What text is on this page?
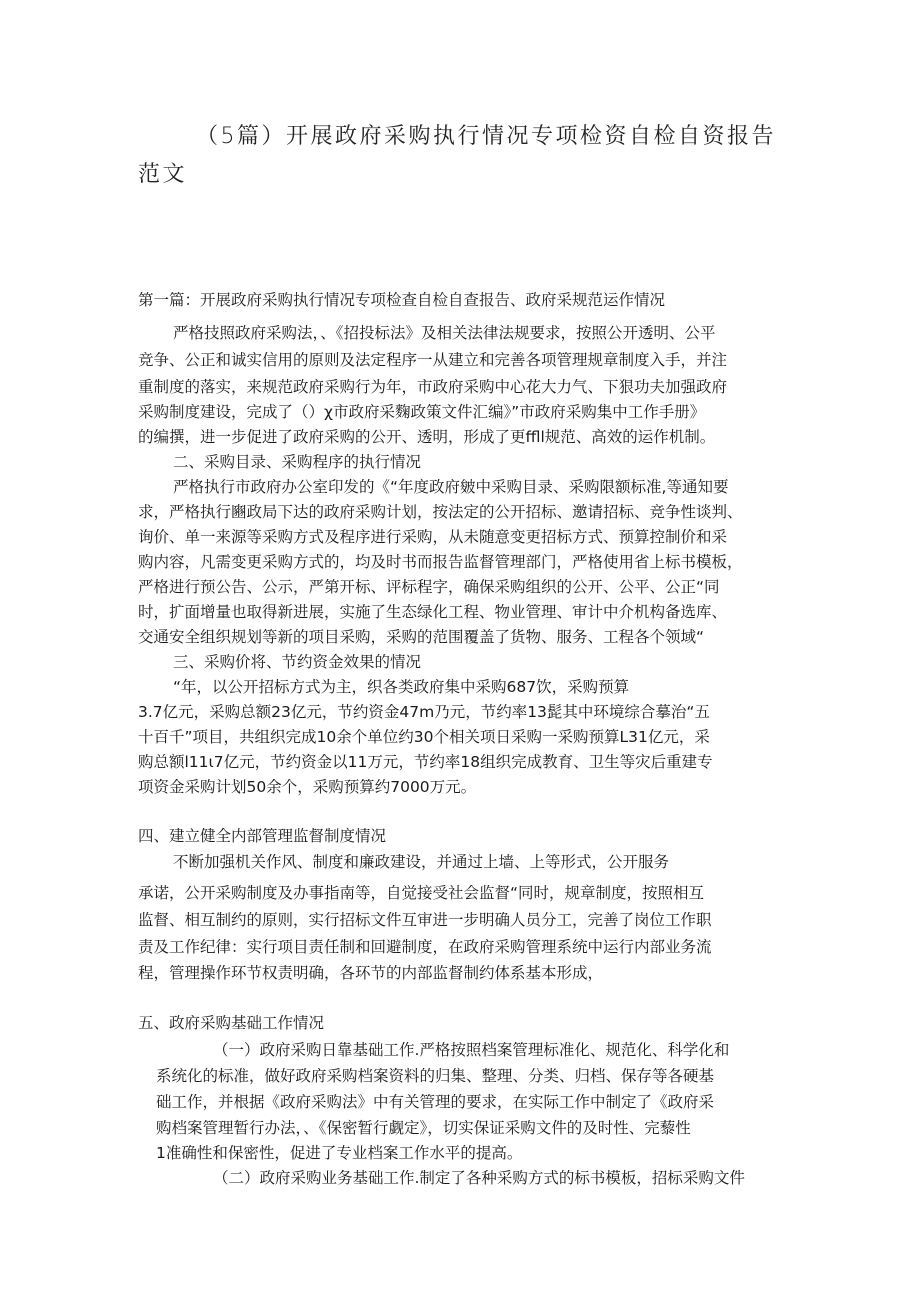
（5篇）开展政府采购执行情况专项检资自检自资报告
范文
第一篇：开展政府采购执行情况专项检查自检自查报告、政府采规范运作情况
严格技照政府采购法，、《招投标法》及相关法律法规要求，按照公开透明、公平
竞争、公正和诚实信用的原则及法定程序一从建立和完善各项管理规章制度入手，并注
重制度的落实，来规范政府采购行为年，市政府采购中心花大力气、下狠功夫加强政府
采购制度建设，完成了（）χ市政府采麴政策文件汇编》”市政府采购集中工作手册》
的编撰，进一步促进了政府采购的公开、透明，形成了更ffll规范、高效的运作机制。
二、采购目录、采购程序的执行情况
严格执行市政府办公室印发的《“年度政府皴中采购目录、采购限额标准,等通知要
求，严格执行豳政局下达的政府采购计划，按法定的公开招标、邀请招标、竞争性谈判、
询价、单一来源等采购方式及程序进行采购，从未随意变更招标方式、预算控制价和采
购内容，凡需变更采购方式的，均及时书而报告监督管理部门，严格使用省上标书模板，
严格进行预公告、公示，严第开标、评标程字，确保采购组织的公开、公平、公正“同
时，扩面增量也取得新进展，实施了生态绿化工程、物业管理、审计中介机构备选库、
交通安全组织规划等新的项目采购，采购的范围覆盖了货物、服务、工程各个领域“
三、采购价将、节约资金效果的情况
“年，以公开招标方式为主，织各类政府集中采购687饮，采购预算
3.7亿元，采购总额23亿元，节约资金47m乃元，节约率13髭其中环境综合摹治“五
十百千”项目，共组织完成10余个单位约30个相关项日采购一采购预算L31亿元，采
购总额l11ι7亿元，节约资金以11万元，节约率18组织完成教育、卫生等灾后重建专
项资金采购计划50余个，采购预算约7000万元。
四、建立健全内部管理监督制度情况
不断加强机关作风、制度和廉政建设，并通过上墙、上等形式，公开服务
承诺，公开采购制度及办事指南等，自觉接受社会监督“同时，规章制度，按照相互
监督、相互制约的原则，实行招标文件互审进一步明确人员分工，完善了岗位工作职
责及工作纪律：实行项目责任制和回避制度，在政府采购管理系统中运行内部业务流
程，管理操作环节权责明确，各环节的内部监督制约体系基本形成，
五、政府采购基础工作情况
（一）政府采购日靠基础工作.严格按照档案管理标准化、规范化、科学化和
系统化的标准，做好政府采购档案资料的归集、整理、分类、归档、保存等各硬基
础工作，并根据《政府采购法》中有关管理的要求，在实际工作中制定了《政府采
购档案管理暂行办法，、《保密暂行觑定》，切实保证采购文件的及时性、完藜性
1准确性和保密性，促进了专业档案工作水平的提高。
（二）政府采购业务基础工作.制定了各种采购方式的标书模板，招标采购文件
